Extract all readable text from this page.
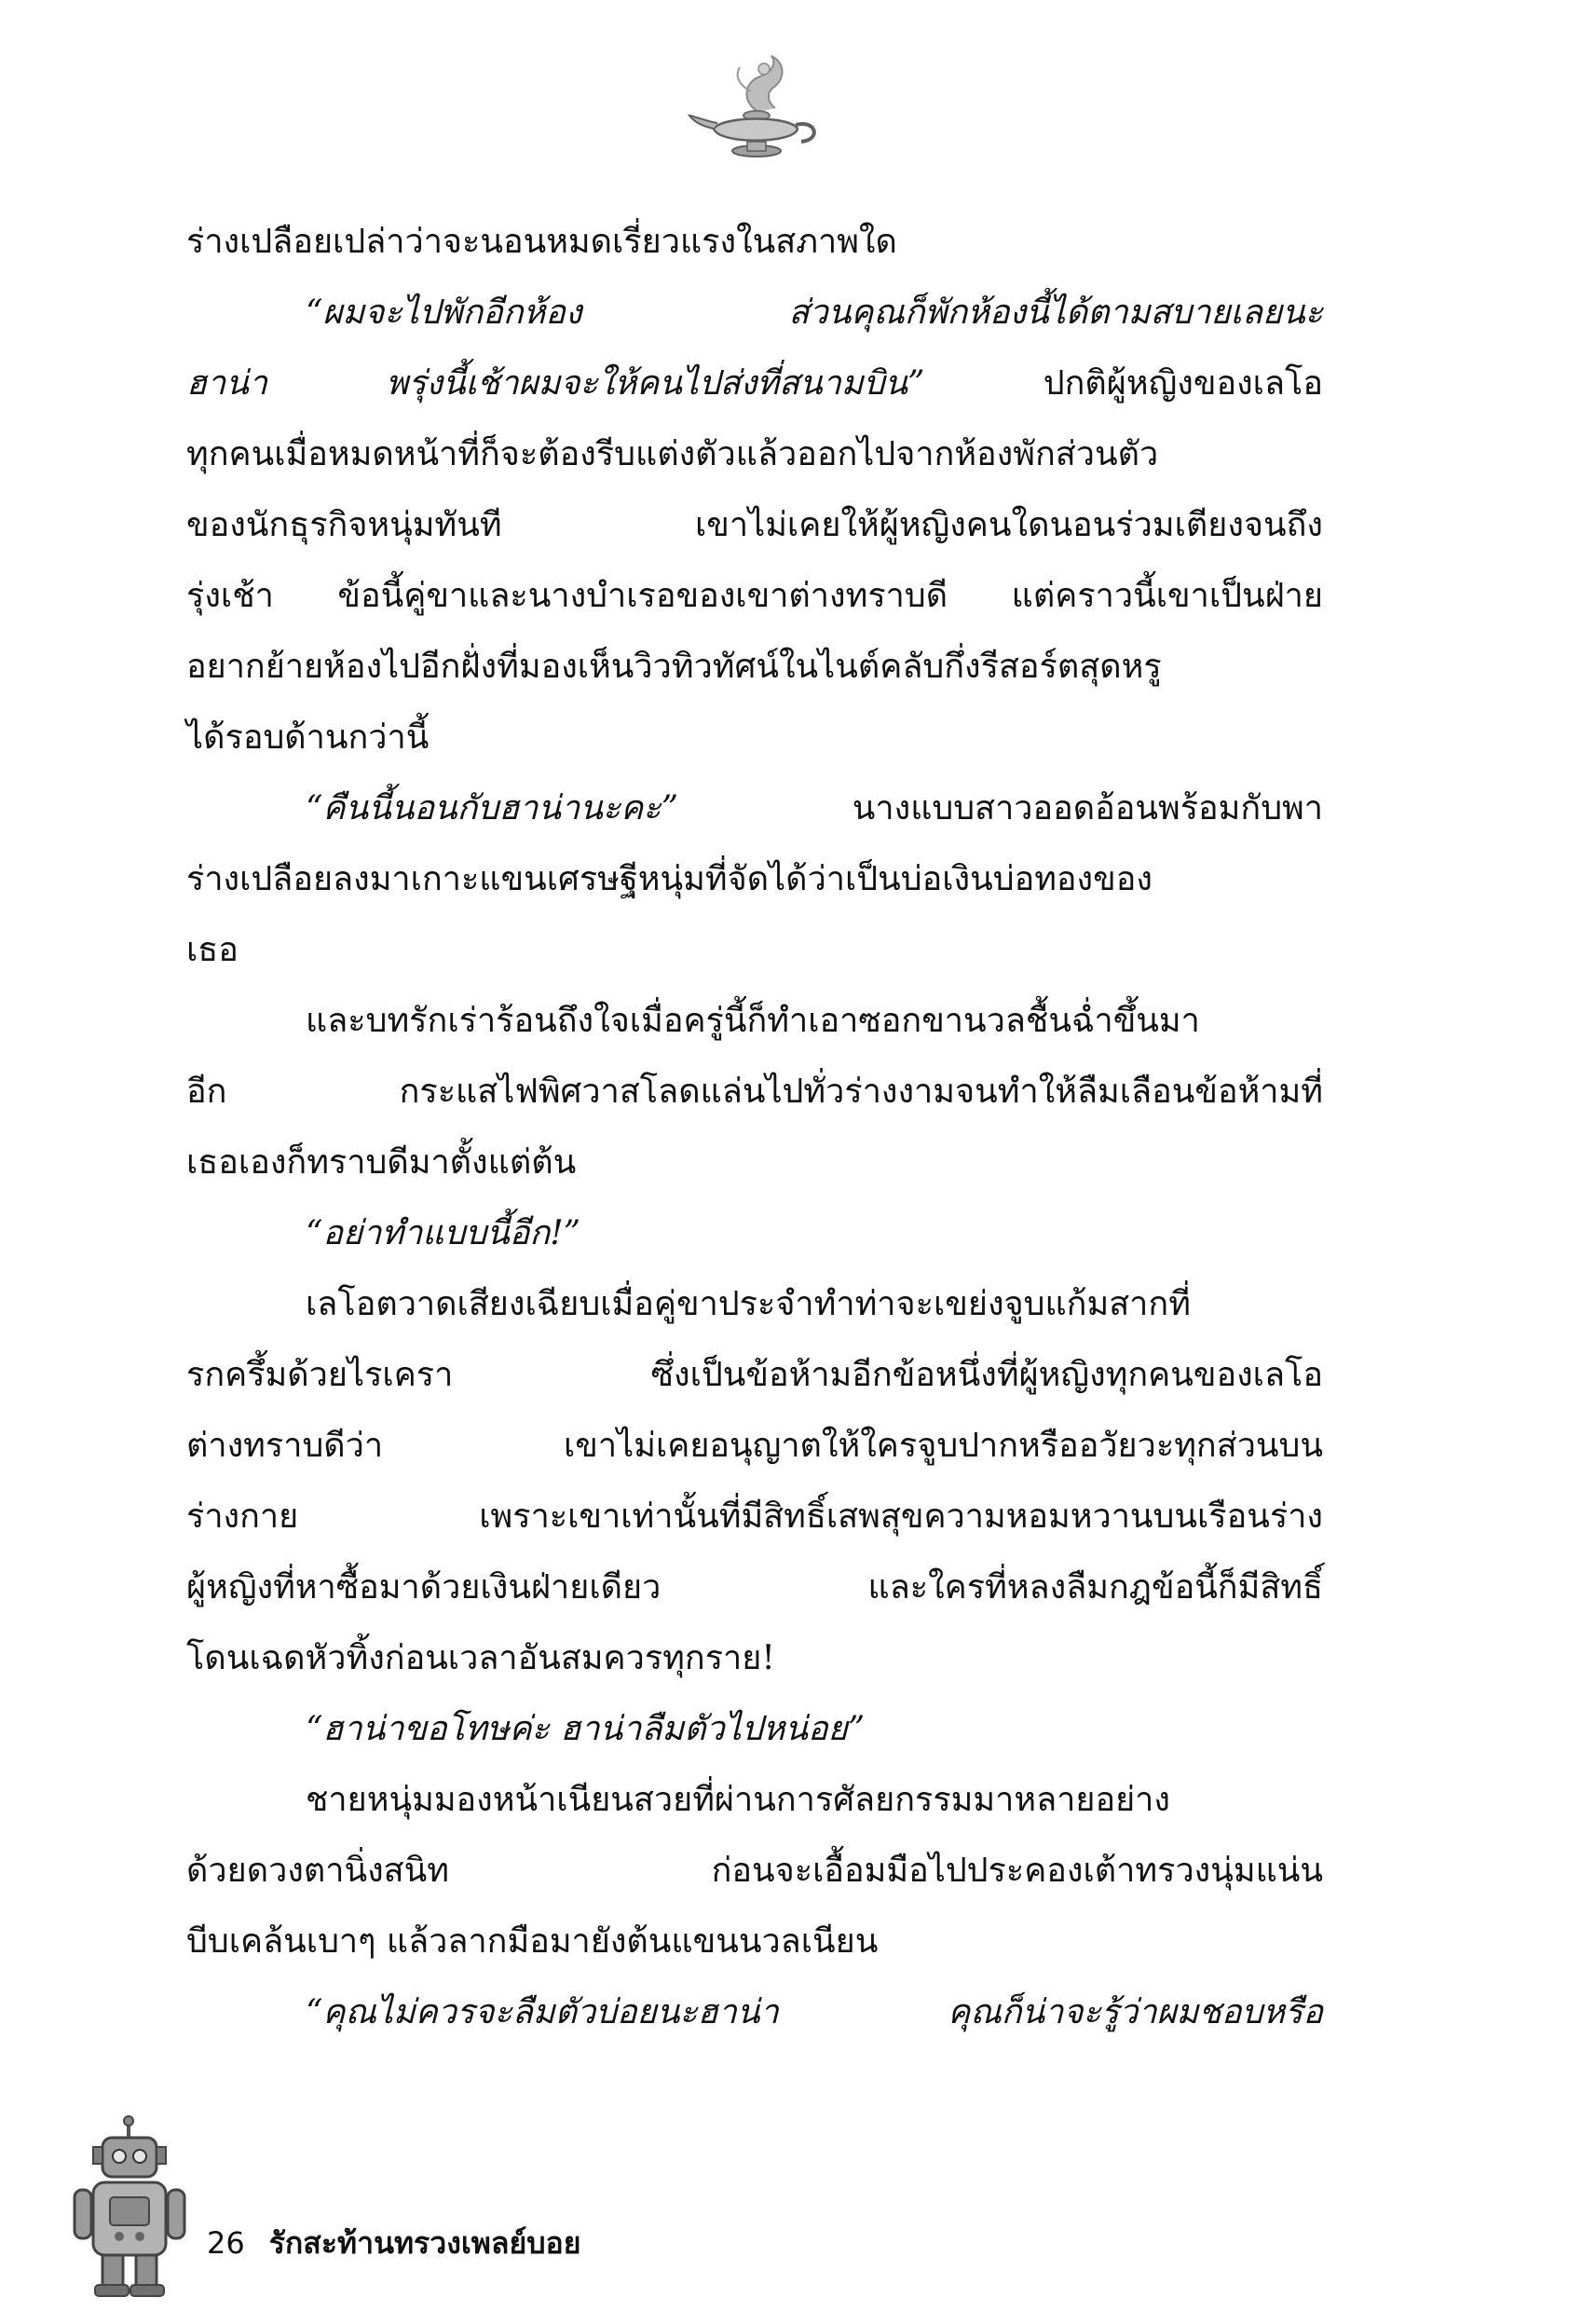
ร่างเปลือยเปล่าว่าจะนอนหมดเรี่ยวแรงในสภาพใด
“ผมจะไปพักอีกห้อง ส่วนคุณก็พักห้องนี้ได้ตามสบายเลยนะ
ฮาน่า พรุ่งนี้เช้าผมจะให้คนไปส่งที่สนามบิน” ปกติผู้หญิงของเลโอ
ทุกคนเมื่อหมดหน้าที่ก็จะต้องรีบแต่งตัวแล้วออกไปจากห้องพักส่วนตัว
ของนักธุรกิจหนุ่มทันที เขาไม่เคยให้ผู้หญิงคนใดนอนร่วมเตียงจนถึง
รุ่งเช้า ข้อนี้คู่ขาและนางบำเรอของเขาต่างทราบดี แต่คราวนี้เขาเป็นฝ่าย
อยากย้ายห้องไปอีกฝั่งที่มองเห็นวิวทิวทัศน์ในไนต์คลับกึ่งรีสอร์ตสุดหรู
ได้รอบด้านกว่านี้
“คืนนี้นอนกับฮาน่านะคะ” นางแบบสาวออดอ้อนพร้อมกับพา
ร่างเปลือยลงมาเกาะแขนเศรษฐีหนุ่มที่จัดได้ว่าเป็นบ่อเงินบ่อทองของ
เธอ
และบทรักเร่าร้อนถึงใจเมื่อครู่นี้ก็ทำเอาซอกขานวลชื้นฉ่ำขึ้นมา
อีก กระแสไฟพิศวาสโลดแล่นไปทั่วร่างงามจนทำให้ลืมเลือนข้อห้ามที่
เธอเองก็ทราบดีมาตั้งแต่ต้น
“อย่าทำแบบนี้อีก!”
เลโอตวาดเสียงเฉียบเมื่อคู่ขาประจำทำท่าจะเขย่งจูบแก้มสากที่
รกครึ้มด้วยไรเครา ซึ่งเป็นข้อห้ามอีกข้อหนึ่งที่ผู้หญิงทุกคนของเลโอ
ต่างทราบดีว่า เขาไม่เคยอนุญาตให้ใครจูบปากหรืออวัยวะทุกส่วนบน
ร่างกาย เพราะเขาเท่านั้นที่มีสิทธิ์เสพสุขความหอมหวานบนเรือนร่าง
ผู้หญิงที่หาซื้อมาด้วยเงินฝ่ายเดียว และใครที่หลงลืมกฎข้อนี้ก็มีสิทธิ์
โดนเฉดหัวทิ้งก่อนเวลาอันสมควรทุกราย!
“ฮาน่าขอโทษค่ะ ฮาน่าลืมตัวไปหน่อย”
ชายหนุ่มมองหน้าเนียนสวยที่ผ่านการศัลยกรรมมาหลายอย่าง
ด้วยดวงตานิ่งสนิท ก่อนจะเอื้อมมือไปประคองเต้าทรวงนุ่มแน่น
บีบเคล้นเบาๆ แล้วลากมือมายังต้นแขนนวลเนียน
“คุณไม่ควรจะลืมตัวบ่อยนะฮาน่า คุณก็น่าจะรู้ว่าผมชอบหรือ
26 รักสะท้านทรวงเพลย์บอย
